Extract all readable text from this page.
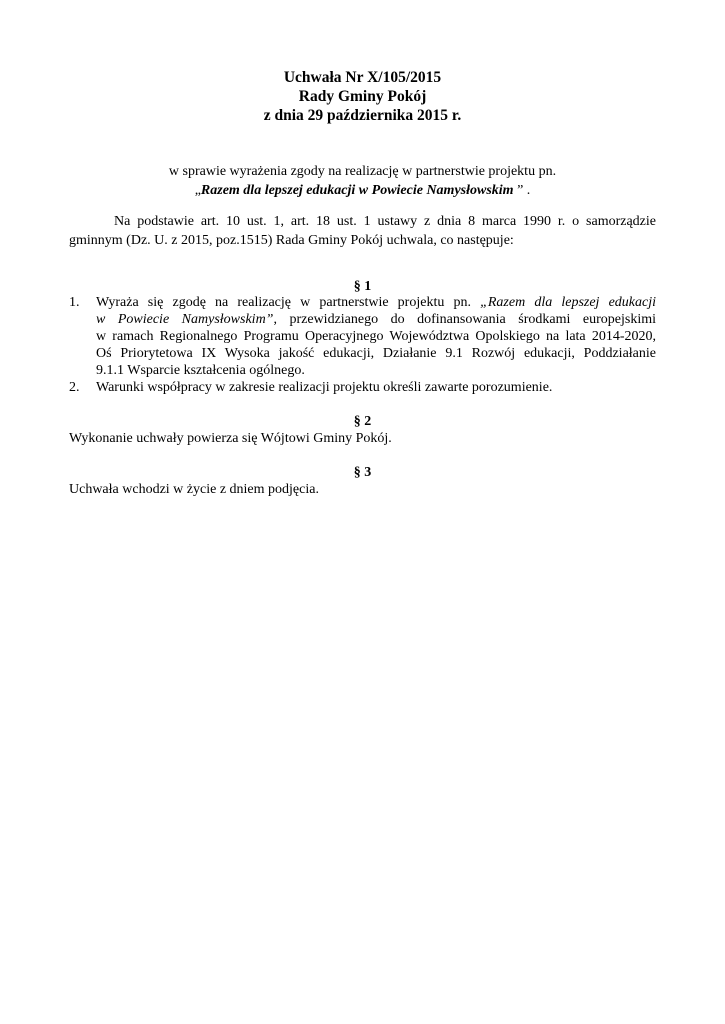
Uchwała Nr X/105/2015
Rady Gminy Pokój
z dnia 29 października 2015 r.
w sprawie wyrażenia zgody na realizację w partnerstwie projektu pn.
„Razem dla lepszej edukacji w Powiecie Namysłowskim ” .
Na podstawie art. 10 ust. 1, art. 18 ust. 1 ustawy z dnia 8 marca 1990 r. o samorządzie
gminnym (Dz. U. z 2015, poz.1515) Rada Gminy Pokój uchwala, co następuje:
§ 1
1. Wyraża się zgodę na realizację w partnerstwie projektu pn. „Razem dla lepszej edukacji
w Powiecie Namysłowskim”, przewidzianego do dofinansowania środkami europejskimi
w ramach Regionalnego Programu Operacyjnego Województwa Opolskiego na lata 2014-2020,
Oś Priorytetowa IX Wysoka jakość edukacji, Działanie 9.1 Rozwój edukacji, Poddziałanie
9.1.1 Wsparcie kształcenia ogólnego.
2. Warunki współpracy w zakresie realizacji projektu określi zawarte porozumienie.
§ 2
Wykonanie uchwały powierza się Wójtowi Gminy Pokój.
§ 3
Uchwała wchodzi w życie z dniem podjęcia.
